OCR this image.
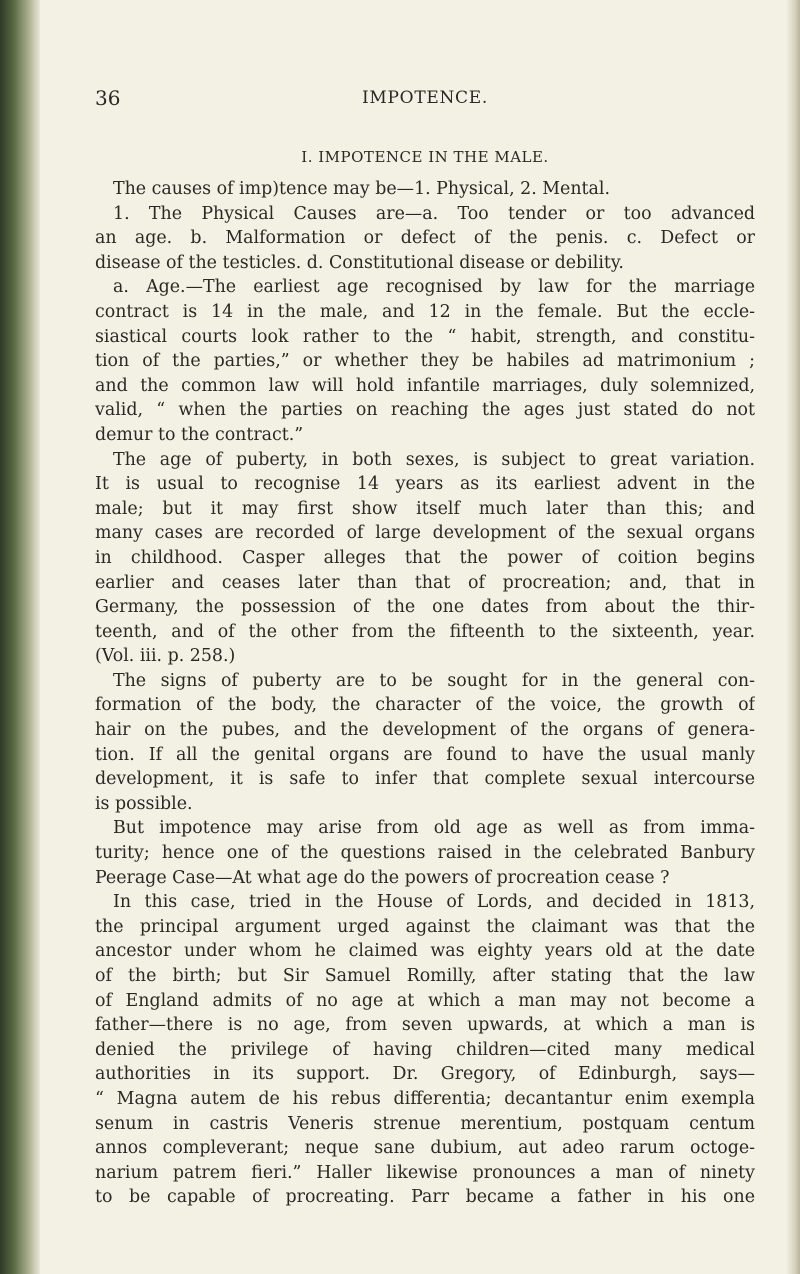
36	IMPOTENCE.
I. IMPOTENCE IN THE MALE.
The causes of imp)tence may be—1. Physical, 2. Mental.
1. The Physical Causes are—a. Too tender or too advanced
an age. b. Malformation or defect of the penis. c. Defect or
disease of the testicles. d. Constitutional disease or debility.
a. Age.—The earliest age recognised by law for the marriage
contract is 14 in the male, and 12 in the female. But the eccle-
siastical courts look rather to the “ habit, strength, and constitu-
tion of the parties,” or whether they be habiles ad matrimonium ;
and the common law will hold infantile marriages, duly solemnized,
valid, “ when the parties on reaching the ages just stated do not
demur to the contract.”
The age of puberty, in both sexes, is subject to great variation.
It is usual to recognise 14 years as its earliest advent in the
male; but it may first show itself much later than this; and
many cases are recorded of large development of the sexual organs
in childhood. Casper alleges that the power of coition begins
earlier and ceases later than that of procreation; and, that in
Germany, the possession of the one dates from about the thir-
teenth, and of the other from the fifteenth to the sixteenth, year.
(Vol. iii. p. 258.)
The signs of puberty are to be sought for in the general con-
formation of the body, the character of the voice, the growth of
hair on the pubes, and the development of the organs of genera-
tion. If all the genital organs are found to have the usual manly
development, it is safe to infer that complete sexual intercourse
is possible.
But impotence may arise from old age as well as from imma-
turity; hence one of the questions raised in the celebrated Banbury
Peerage Case—At what age do the powers of procreation cease ?
In this case, tried in the House of Lords, and decided in 1813,
the principal argument urged against the claimant was that the
ancestor under whom he claimed was eighty years old at the date
of the birth; but Sir Samuel Romilly, after stating that the law
of England admits of no age at which a man may not become a
father—there is no age, from seven upwards, at which a man is
denied the privilege of having children—cited many medical
authorities in its support. Dr. Gregory, of Edinburgh, says—
“ Magna autem de his rebus differentia; decantantur enim exempla
senum in castris Veneris strenue merentium, postquam centum
annos compleverant; neque sane dubium, aut adeo rarum octoge-
narium patrem fieri.” Haller likewise pronounces a man of ninety
to be capable of procreating. Parr became a father in his one
